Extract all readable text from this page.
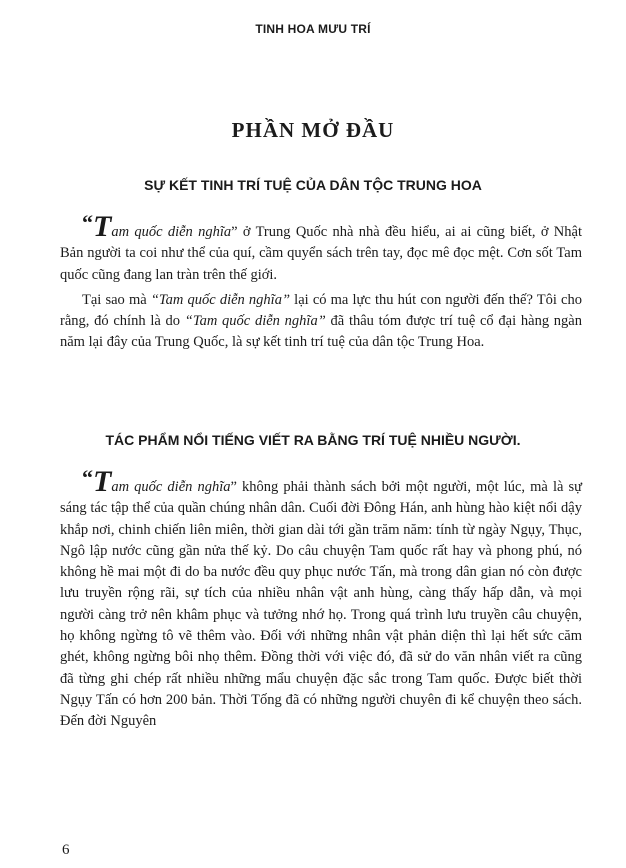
TINH HOA MƯU TRÍ
PHẦN MỞ ĐẦU
SỰ KẾT TINH TRÍ TUỆ CỦA DÂN TỘC TRUNG HOA

“Tam quốc diễn nghĩa” ở Trung Quốc nhà nhà đều hiểu, ai ai cũng biết, ở Nhật Bản người ta coi như thể của quí, cầm quyển sách trên tay, đọc mê đọc mệt. Cơn sốt Tam quốc cũng đang lan tràn trên thế giới.

Tại sao mà “Tam quốc diễn nghĩa” lại có ma lực thu hút con người đến thế? Tôi cho rằng, đó chính là do “Tam quốc diễn nghĩa” đã thâu tóm được trí tuệ cổ đại hàng ngàn năm lại đây của Trung Quốc, là sự kết tinh trí tuệ của dân tộc Trung Hoa.

TÁC PHẨM NỔI TIẾNG VIẾT RA BẰNG TRÍ TUỆ NHIỀU NGƯỜI.

“Tam quốc diễn nghĩa” không phải thành sách bởi một người, một lúc, mà là sự sáng tác tập thể của quần chúng nhân dân. Cuối đời Đông Hán, anh hùng hào kiệt nổi dậy khắp nơi, chinh chiến liên miên, thời gian dài tới gần trăm năm: tính từ ngày Ngụy, Thục, Ngô lập nước cũng gần nửa thế kỷ. Do câu chuyện Tam quốc rất hay và phong phú, nó không hề mai một đi do ba nước đều quy phục nước Tấn, mà trong dân gian nó còn được lưu truyền rộng rãi, sự tích của nhiều nhân vật anh hùng, càng thấy hấp dẫn, và mọi người càng trở nên khâm phục và tưởng nhớ họ. Trong quá trình lưu truyền câu chuyện, họ không ngừng tô vẽ thêm vào. Đối với những nhân vật phản diện thì lại hết sức căm ghét, không ngừng bôi nhọ thêm. Đồng thời với việc đó, đã sử do văn nhân viết ra cũng đã từng ghi chép rất nhiều những mẩu chuyện đặc sắc trong Tam quốc. Được biết thời Ngụy Tấn có hơn 200 bản. Thời Tống đã có những người chuyên đi kể chuyện theo sách. Đến đời Nguyên

6
